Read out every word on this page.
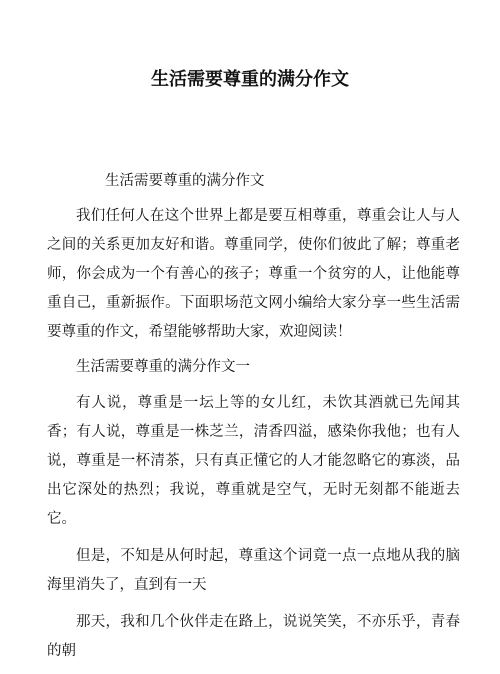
生活需要尊重的满分作文
生活需要尊重的满分作文

我们任何人在这个世界上都是要互相尊重，尊重会让人与人之间的关系更加友好和谐。尊重同学，使你们彼此了解；尊重老师，你会成为一个有善心的孩子；尊重一个贫穷的人，让他能尊重自己，重新振作。下面职场范文网小编给大家分享一些生活需要尊重的作文，希望能够帮助大家，欢迎阅读！

生活需要尊重的满分作文一

有人说，尊重是一坛上等的女儿红，未饮其酒就已先闻其香；有人说，尊重是一株芝兰，清香四溢，感染你我他；也有人说，尊重是一杯清茶，只有真正懂它的人才能忽略它的寡淡，品出它深处的热烈；我说，尊重就是空气，无时无刻都不能逝去它。

但是，不知是从何时起，尊重这个词竟一点一点地从我的脑海里消失了，直到有一天

那天，我和几个伙伴走在路上，说说笑笑，不亦乐乎，青春的朝
